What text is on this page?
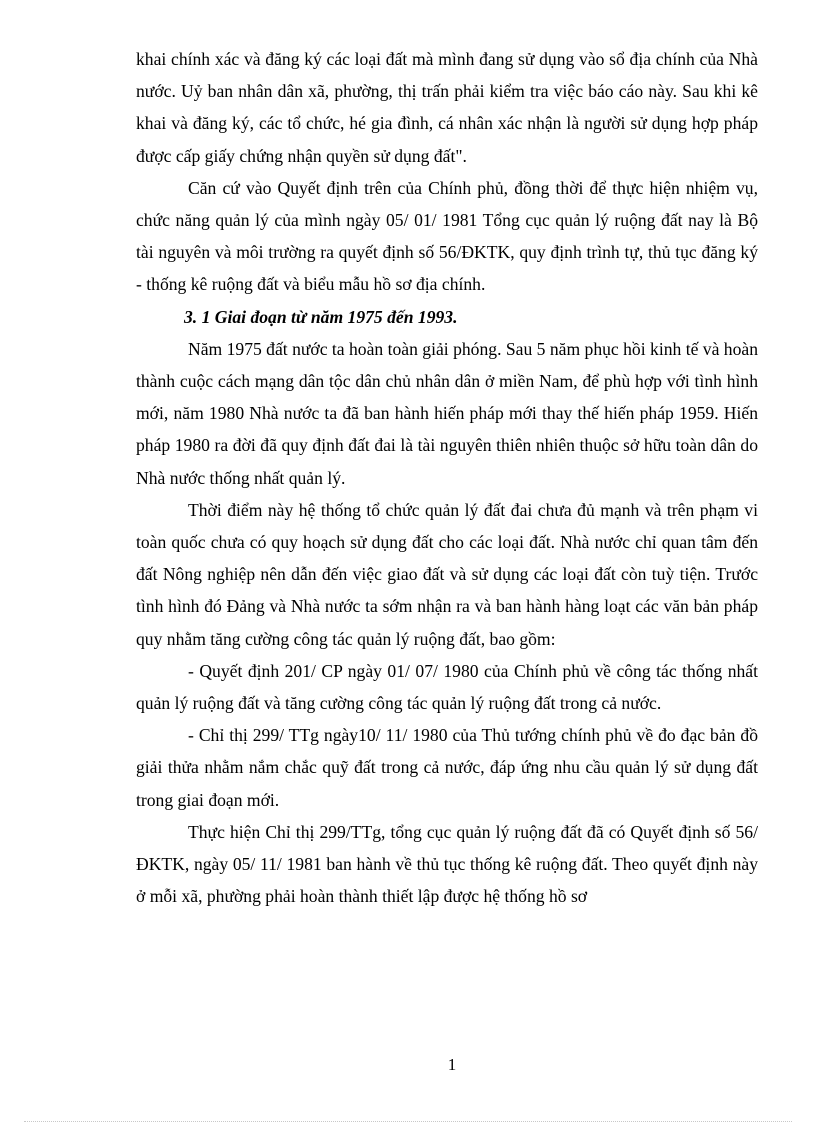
khai chính xác và đăng ký các loại đất mà mình đang sử dụng vào sổ địa chính của Nhà nước. Uỷ ban nhân dân xã, phường, thị trấn phải kiểm tra việc báo cáo này. Sau khi kê khai và đăng ký, các tổ chức, hé gia đình, cá nhân xác nhận là người sử dụng hợp pháp được cấp giấy chứng nhận quyền sử dụng đất".

Căn cứ vào Quyết định trên của Chính phủ, đồng thời để thực hiện nhiệm vụ, chức năng quản lý của mình ngày 05/ 01/ 1981 Tổng cục quản lý ruộng đất nay là Bộ tài nguyên và môi trường ra quyết định số 56/ĐKTK, quy định trình tự, thủ tục đăng ký - thống kê ruộng đất và biểu mẫu hồ sơ địa chính.

3. 1 Giai đoạn từ năm 1975 đến 1993.

Năm 1975 đất nước ta hoàn toàn giải phóng. Sau 5 năm phục hồi kinh tế và hoàn thành cuộc cách mạng dân tộc dân chủ nhân dân ở miền Nam, để phù hợp với tình hình mới, năm 1980 Nhà nước ta đã ban hành hiến pháp mới thay thế hiến pháp 1959. Hiến pháp 1980 ra đời đã quy định đất đai là tài nguyên thiên nhiên thuộc sở hữu toàn dân do Nhà nước thống nhất quản lý.

Thời điểm này hệ thống tổ chức quản lý đất đai chưa đủ mạnh và trên phạm vi toàn quốc chưa có quy hoạch sử dụng đất cho các loại đất. Nhà nước chỉ quan tâm đến đất Nông nghiệp nên dẫn đến việc giao đất và sử dụng các loại đất còn tuỳ tiện. Trước tình hình đó Đảng và Nhà nước ta sớm nhận ra và ban hành hàng loạt các văn bản pháp quy nhằm tăng cường công tác quản lý ruộng đất, bao gồm:

- Quyết định 201/ CP ngày 01/ 07/ 1980 của Chính phủ về công tác thống nhất quản lý ruộng đất và tăng cường công tác quản lý ruộng đất trong cả nước.

- Chỉ thị 299/ TTg ngày10/ 11/ 1980 của Thủ tướng chính phủ về đo đạc bản đồ giải thửa nhằm nắm chắc quỹ đất trong cả nước, đáp ứng nhu cầu quản lý sử dụng đất trong giai đoạn mới.

Thực hiện Chỉ thị 299/TTg, tổng cục quản lý ruộng đất đã có Quyết định số 56/ĐKTK, ngày 05/ 11/ 1981 ban hành về thủ tục thống kê ruộng đất. Theo quyết định này ở mỗi xã, phường phải hoàn thành thiết lập được hệ thống hồ sơ

1
